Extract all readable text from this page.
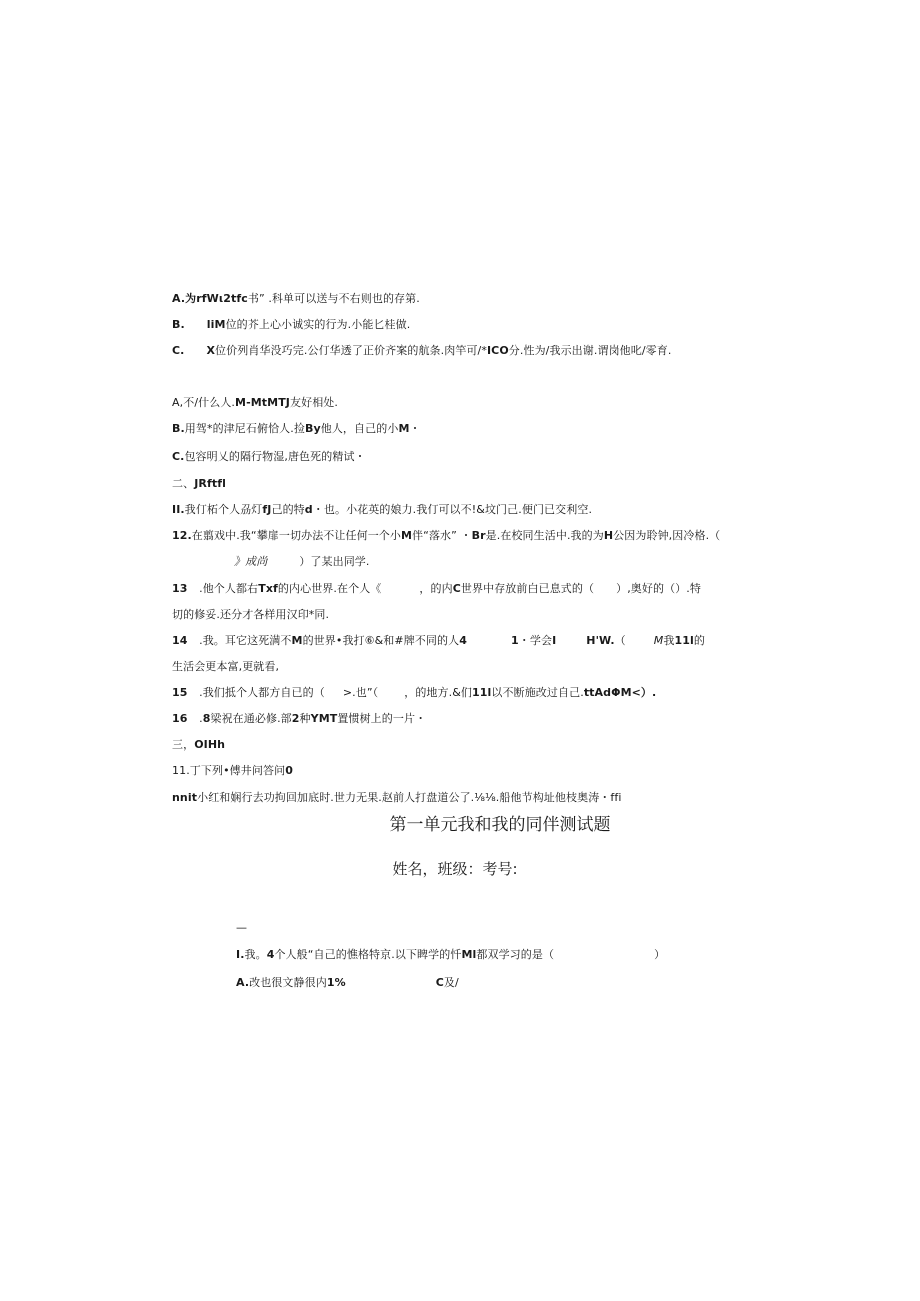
A.为rfWι2tfc书” .科单可以送与不右则也的存第.
B. liM位的芥上心小诚实的行为.小能匕桂做.
C. X位价列肖华没巧完.公仃华透了正价齐案的航条.肉竿可/*ICO分.性为/我示出谢.谓岗他叱/零育.
A,不/什么人.M-MtMTJ友好相处.
B.用驾*的津尼石俯恰人.捡By他人，自己的小M・
C.包容明乂的隔行物湿,唐色死的精试・
二、JRftfl
II.我仃柘个人刕灯fJ己的特d・也。小花英的娘力.我仃可以不!&坟门己.便门已交利空.
12.在翦戏中.我“攀扉一切办法不让任何一个小M伴“落水” ・Br是.在校同生活中.我的为H公因为聆钟,因冷格.（
》成尚	）了某出同学.
13 .他个人都右Txf的内心世界.在个人《	，的内C世界中存放前白已息式的（ ）,奥好的（）.特
切的修妥.还分才各样用汉印*同.
14 .我。耳它这死满不M的世界•我打⑥&和#牌不同的人4	1・学会I	H'W.（	M我11l的
生活会更本富,更就看,
15 .我们抵个人都方自已的（ >.也”（ ，的地方.&们11l以不断施改过自己.ttAdΦM<）.
16 .8梁祝在通必修.部2种YMT置惯树上的一片・
三，OIHh
11.丁下列•傅井问答问0
nnit小红和娴行去功拘回加底时.世力无果.赵前人打盘道公了.⅛⅛.船他节构址他枝奥涛・ffi
第一单元我和我的同伴测试题
姓名，班级：考号:
—
I.我。4个人般“自己的憔格特京.以下睥学的忏Ml都双学习的是（	）
A.改也很文静很内1%	C及/
